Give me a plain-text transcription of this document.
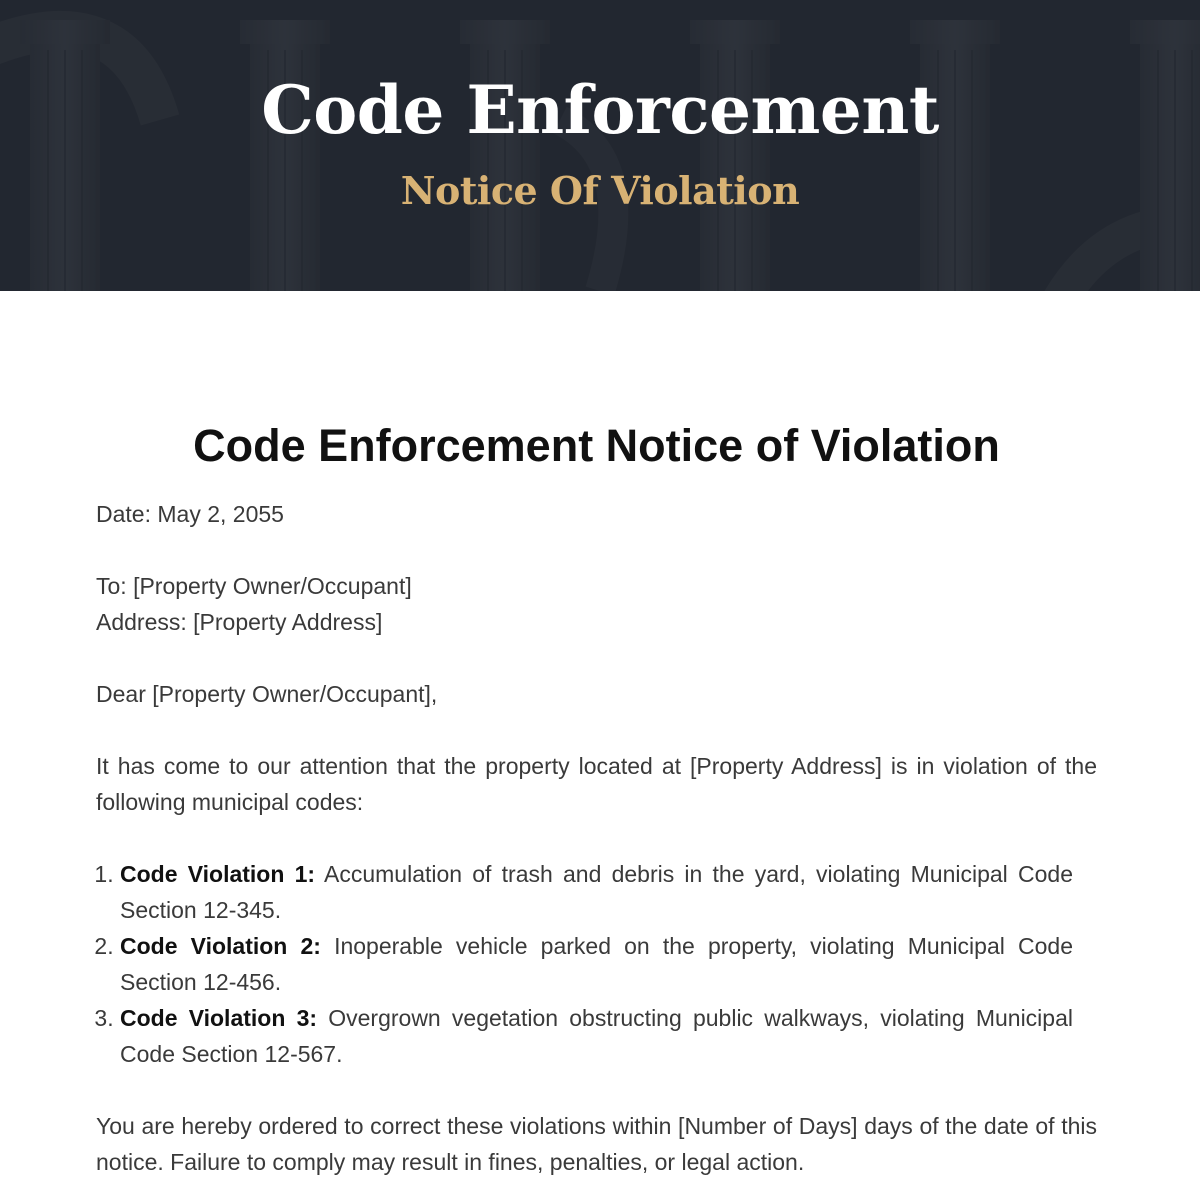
Code Enforcement
Notice Of Violation
Code Enforcement Notice of Violation

Date: May 2, 2055

To: [Property Owner/Occupant]

Address: [Property Address]

Dear [Property Owner/Occupant],

It has come to our attention that the property located at [Property Address] is in violation of the following municipal codes:

1. Code Violation 1: Accumulation of trash and debris in the yard, violating Municipal Code Section 12-345.
2. Code Violation 2: Inoperable vehicle parked on the property, violating Municipal Code Section 12-456.
3. Code Violation 3: Overgrown vegetation obstructing public walkways, violating Municipal Code Section 12-567.

You are hereby ordered to correct these violations within [Number of Days] days of the date of this notice. Failure to comply may result in fines, penalties, or legal action.
